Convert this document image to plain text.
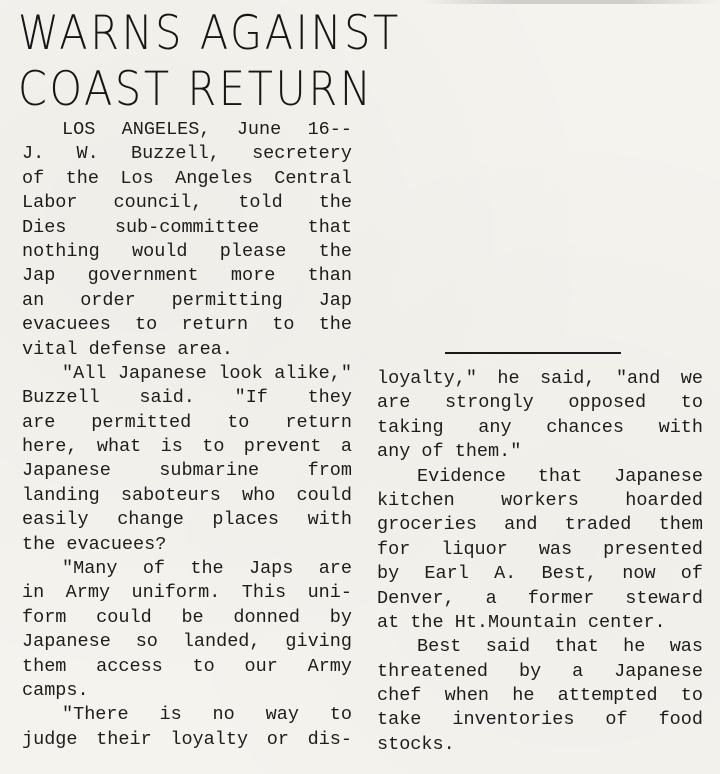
WARNS AGAINST
COAST RETURN
LOS ANGELES, June 16--
J. W. Buzzell, secretery
of the Los Angeles Central
Labor council, told the
Dies sub-committee that
nothing would please the
Jap government more than
an order permitting Jap
evacuees to return to the
vital defense area.
"All Japanese look alike,"
Buzzell said. "If they
are permitted to return
here, what is to prevent a
Japanese submarine from
landing saboteurs who could
easily change places with
the evacuees?
"Many of the Japs are
in Army uniform. This uni-
form could be donned by
Japanese so landed, giving
them access to our Army
camps.
"There is no way to
judge their loyalty or dis-
loyalty," he said, "and we
are strongly opposed to
taking any chances with
any of them."
Evidence that Japanese
kitchen workers hoarded
groceries and traded them
for liquor was presented
by Earl A. Best, now of
Denver, a former steward
at the Ht.Mountain center.
Best said that he was
threatened by a Japanese
chef when he attempted to
take inventories of food
stocks.
